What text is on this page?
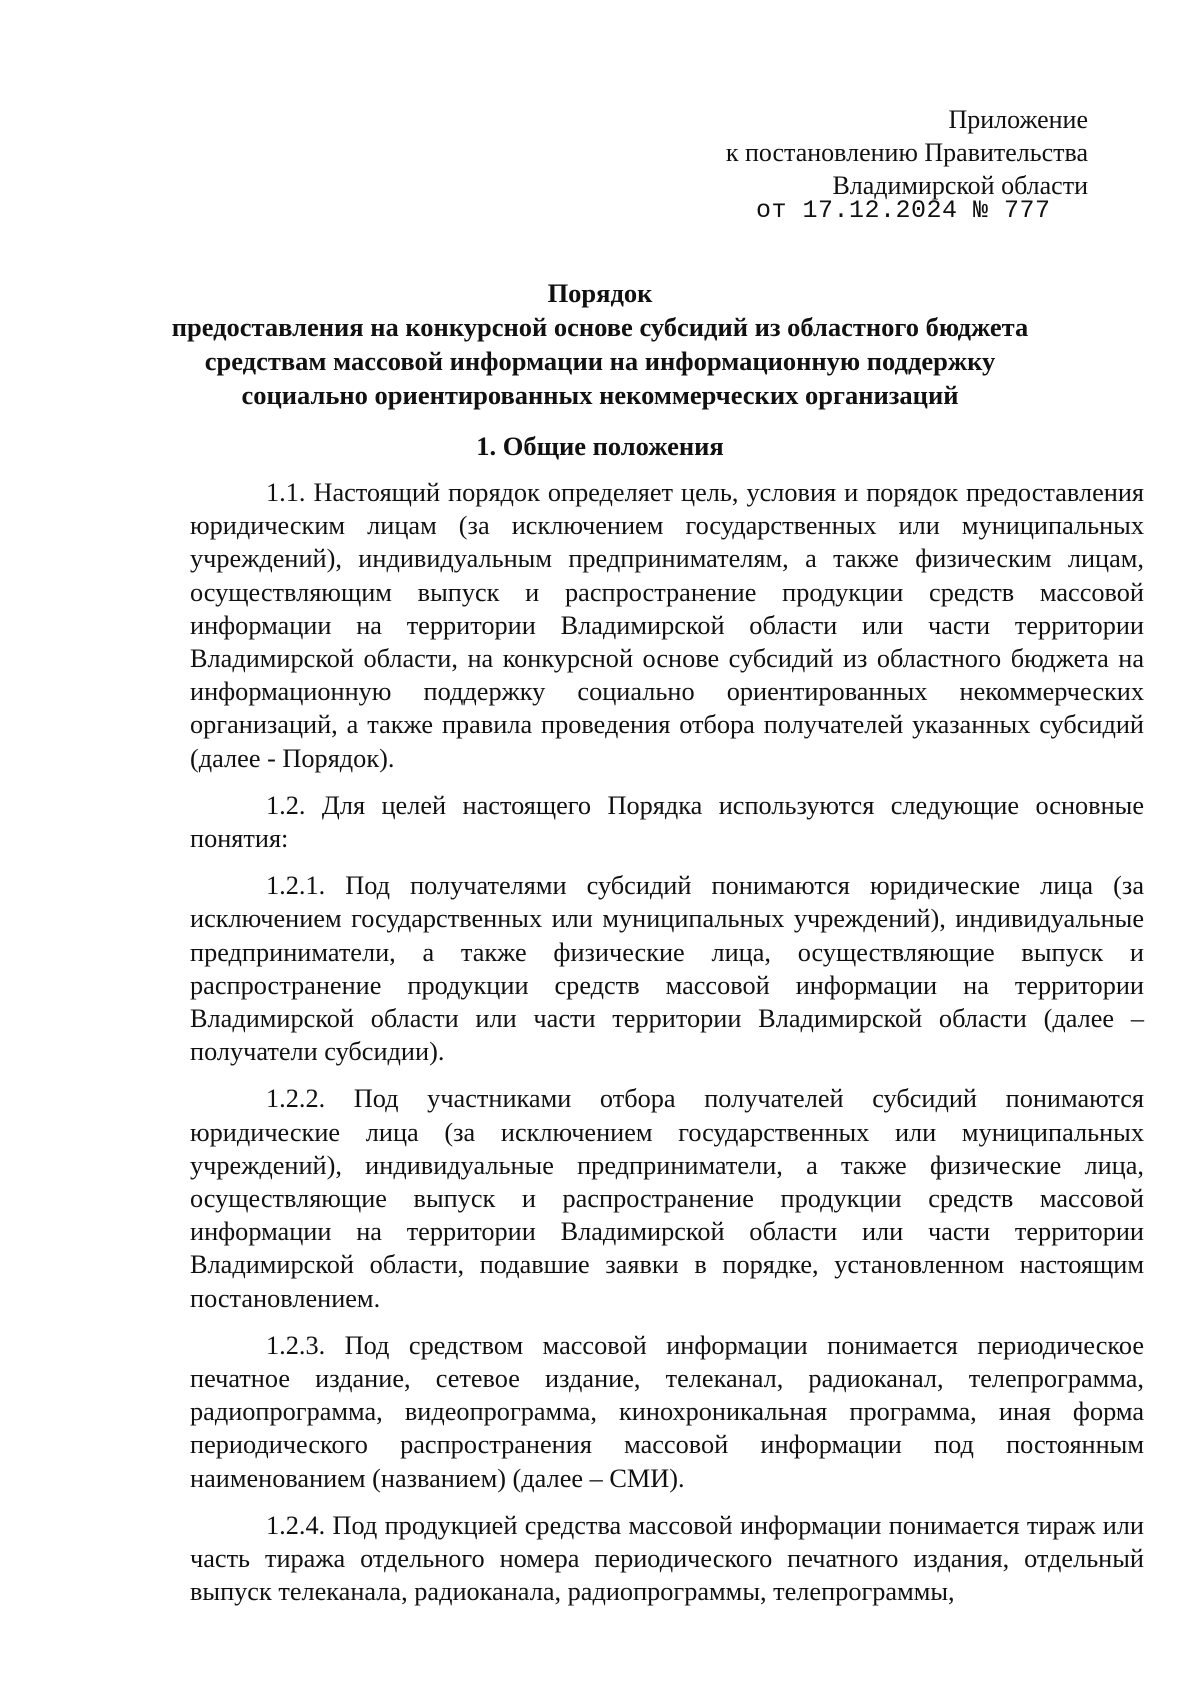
Приложение
к постановлению Правительства
Владимирской области
от 17.12.2024 № 777
Порядок
предоставления на конкурсной основе субсидий из областного бюджета
средствам массовой информации на информационную поддержку
социально ориентированных некоммерческих организаций
1. Общие положения

1.1. Настоящий порядок определяет цель, условия и порядок предоставления юридическим лицам (за исключением государственных или муниципальных учреждений), индивидуальным предпринимателям, а также физическим лицам, осуществляющим выпуск и распространение продукции средств массовой информации на территории Владимирской области или части территории Владимирской области, на конкурсной основе субсидий из областного бюджета на информационную поддержку социально ориентированных некоммерческих организаций, а также правила проведения отбора получателей указанных субсидий (далее - Порядок).

1.2. Для целей настоящего Порядка используются следующие основные понятия:

1.2.1. Под получателями субсидий понимаются юридические лица (за исключением государственных или муниципальных учреждений), индивидуальные предприниматели, а также физические лица, осуществляющие выпуск и распространение продукции средств массовой информации на территории Владимирской области или части территории Владимирской области (далее – получатели субсидии).

1.2.2. Под участниками отбора получателей субсидий понимаются юридические лица (за исключением государственных или муниципальных учреждений), индивидуальные предприниматели, а также физические лица, осуществляющие выпуск и распространение продукции средств массовой информации на территории Владимирской области или части территории Владимирской области, подавшие заявки в порядке, установленном настоящим постановлением.

1.2.3. Под средством массовой информации понимается периодическое печатное издание, сетевое издание, телеканал, радиоканал, телепрограмма, радиопрограмма, видеопрограмма, кинохроникальная программа, иная форма периодического распространения массовой информации под постоянным наименованием (названием) (далее – СМИ).

1.2.4. Под продукцией средства массовой информации понимается тираж или часть тиража отдельного номера периодического печатного издания, отдельный выпуск телеканала, радиоканала, радиопрограммы, телепрограммы,
